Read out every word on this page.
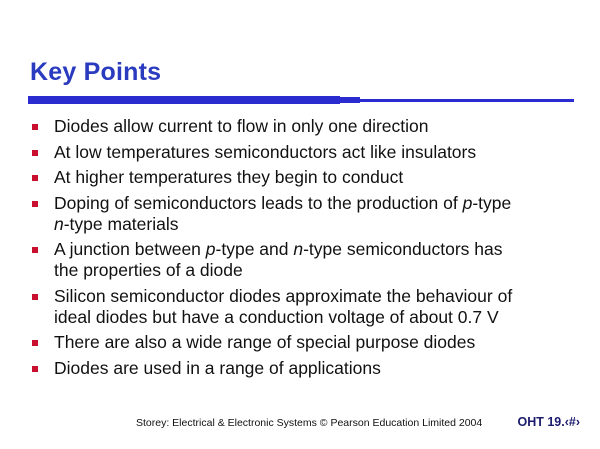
Key Points
Diodes allow current to flow in only one direction
At low temperatures semiconductors act like insulators
At higher temperatures they begin to conduct
Doping of semiconductors leads to the production of p-type
n-type materials
A junction between p-type and n-type semiconductors has
the properties of a diode
Silicon semiconductor diodes approximate the behaviour of
ideal diodes but have a conduction voltage of about 0.7 V
There are also a wide range of special purpose diodes
Diodes are used in a range of applications
Storey: Electrical & Electronic Systems © Pearson Education Limited 2004	OHT 19.‹#›
